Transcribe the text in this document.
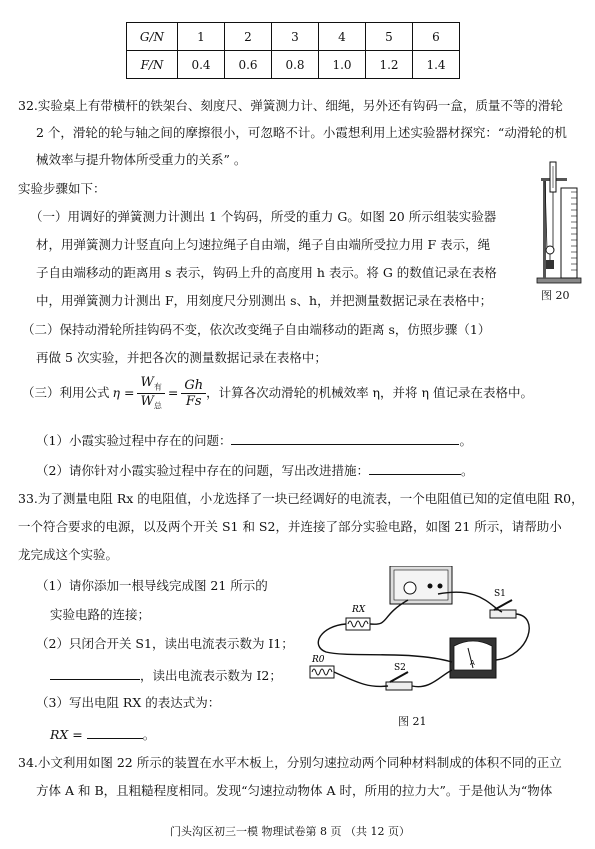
G/N	1	2	3	4	5	6
F/N	0.4	0.6	0.8	1.0	1.2	1.4
32.实验桌上有带横杆的铁架台、刻度尺、弹簧测力计、细绳，另外还有钩码一盒，质量不等的滑轮
2 个，滑轮的轮与轴之间的摩擦很小，可忽略不计。小霞想利用上述实验器材探究：“动滑轮的机
械效率与提升物体所受重力的关系” 。
实验步骤如下：
（一）用调好的弹簧测力计测出 1 个钩码，所受的重力 G。如图 20 所示组装实验器
材，用弹簧测力计竖直向上匀速拉绳子自由端，绳子自由端所受拉力用 F 表示，绳
子自由端移动的距离用 s 表示，钩码上升的高度用 h 表示。将 G 的数值记录在表格
中，用弹簧测力计测出 F，用刻度尺分别测出 s、h，并把测量数据记录在表格中；	图 20
（二）保持动滑轮所挂钩码不变，依次改变绳子自由端移动的距离 s，仿照步骤（1）
再做 5 次实验，并把各次的测量数据记录在表格中；
（三）利用公式 $\eta = \frac{W_有}{W_总} = \frac{Gh}{Fs}$ ，计算各次动滑轮的机械效率 η，并将 η 值记录在表格中。
（1）小霞实验过程中存在的问题：	。
（2）请你针对小霞实验过程中存在的问题，写出改进措施：	。
33.为了测量电阻 Rx 的电阻值，小龙选择了一块已经调好的电流表，一个电阻值已知的定值电阻 R0，
一个符合要求的电源，以及两个开关 S1 和 S2，并连接了部分实验电路，如图 21 所示，请帮助小
龙完成这个实验。
（1）请你添加一根导线完成图 21 所示的
实验电路的连接；
（2）只闭合开关 S1，读出电流表示数为 I1；
，读出电流表示数为 I2；
（3）写出电阻 RX 的表达式为：
RX =	。
A
RX
R0
S1
S2
图 21
34.小文利用如图 22 所示的装置在水平木板上，分别匀速拉动两个同种材料制成的体积不同的正立
方体 A 和 B，且粗糙程度相同。发现“匀速拉动物体 A 时，所用的拉力大”。于是他认为“物体
门头沟区初三一模 物理试卷第 8 页 （共 12 页）
